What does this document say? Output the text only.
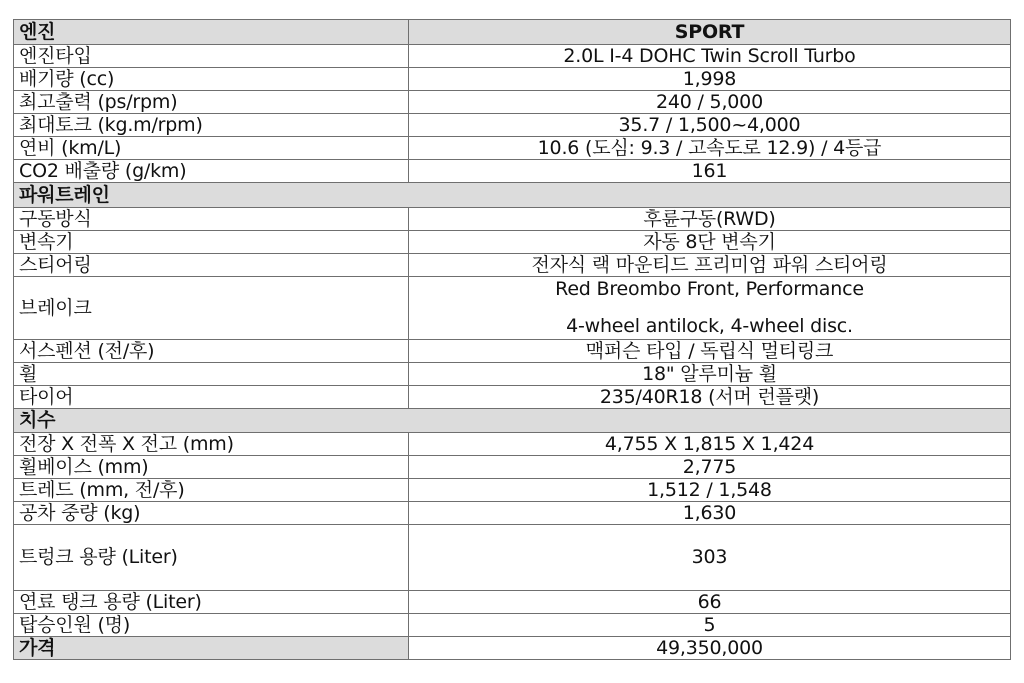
엔진	SPORT
엔진타입	2.0L I-4 DOHC Twin Scroll Turbo
배기량 (cc)	1,998
최고출력 (ps/rpm)	240 / 5,000
최대토크 (kg.m/rpm)	35.7 / 1,500~4,000
연비 (km/L)	10.6 (도심: 9.3 / 고속도로 12.9) / 4등급
CO2 배출량 (g/km)	161
파워트레인	
구동방식	후륜구동(RWD)
변속기	자동 8단 변속기
스티어링	전자식 랙 마운티드 프리미엄 파워 스티어링
브레이크	Red Breombo Front, Performance
4-wheel antilock, 4-wheel disc.

서스펜션 (전/후)	맥퍼슨 타입 / 독립식 멀티링크
휠	18" 알루미늄 휠
타이어	235/40R18 (서머 런플랫)
치수	
전장 X 전폭 X 전고 (mm)	4,755 X 1,815 X 1,424
휠베이스 (mm)	2,775
트레드 (mm, 전/후)	1,512 / 1,548
공차 중량 (kg)	1,630
트렁크 용량 (Liter)	303
연료 탱크 용량 (Liter)	66
탑승인원 (명)	5
가격	49,350,000
